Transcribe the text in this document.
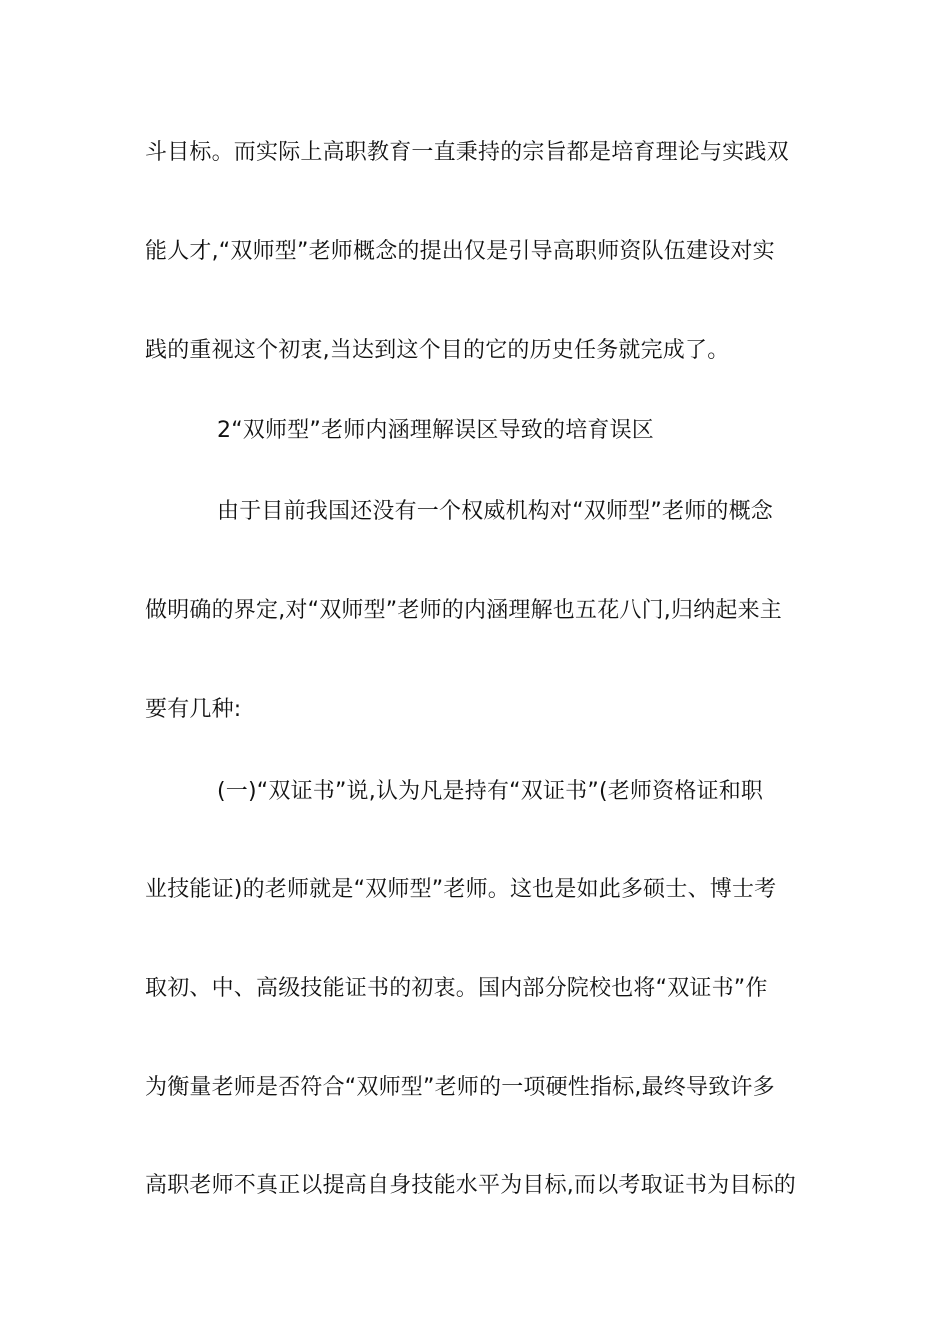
斗目标。而实际上高职教育一直秉持的宗旨都是培育理论与实践双
能人才,“双师型”老师概念的提出仅是引导高职师资队伍建设对实
践的重视这个初衷,当达到这个目的它的历史任务就完成了。
2“双师型”老师内涵理解误区导致的培育误区
由于目前我国还没有一个权威机构对“双师型”老师的概念
做明确的界定,对“双师型”老师的内涵理解也五花八门,归纳起来主
要有几种:
(一)“双证书”说,认为凡是持有“双证书”(老师资格证和职
业技能证)的老师就是“双师型”老师。这也是如此多硕士、博士考
取初、中、高级技能证书的初衷。国内部分院校也将“双证书”作
为衡量老师是否符合“双师型”老师的一项硬性指标,最终导致许多
高职老师不真正以提高自身技能水平为目标,而以考取证书为目标的
